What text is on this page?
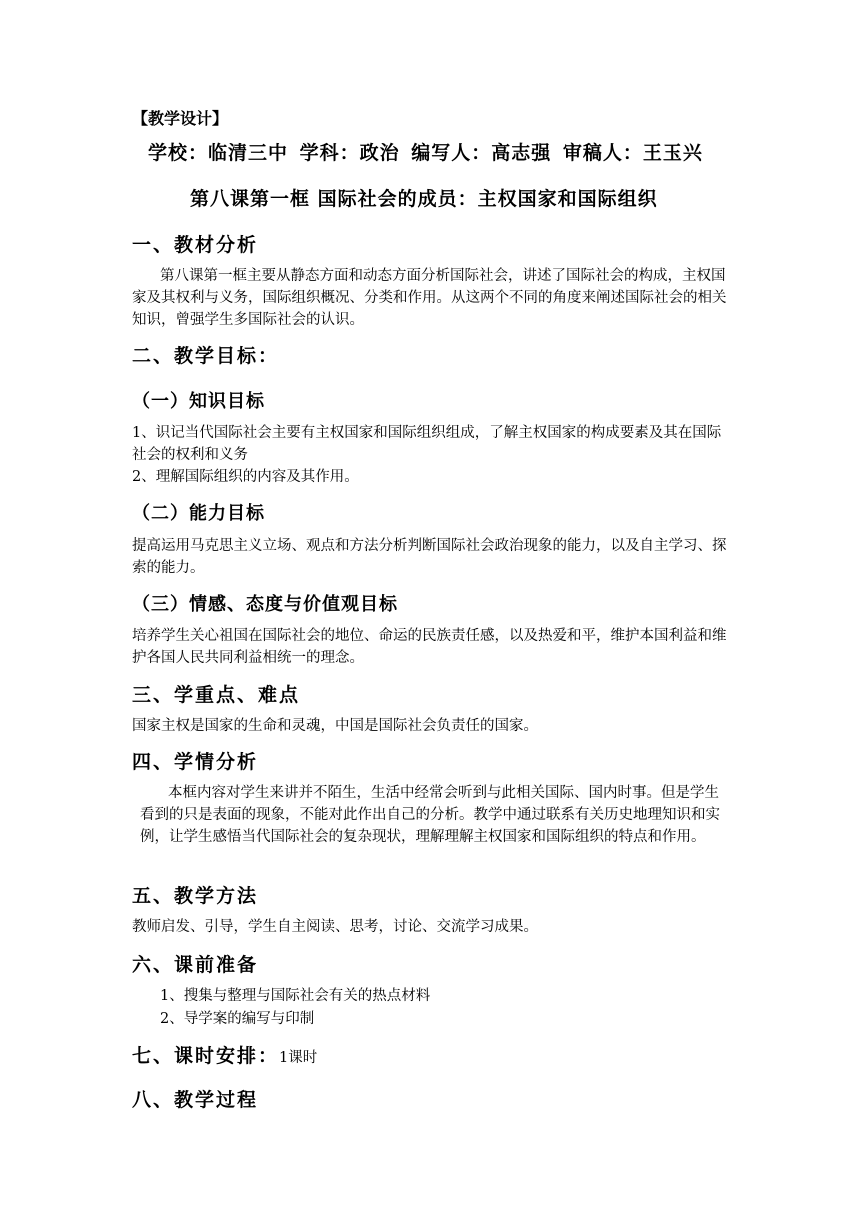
【教学设计】
学校：临清三中 学科：政治 编写人：高志强 审稿人：王玉兴
第八课第一框 国际社会的成员：主权国家和国际组织
一、教材分析
第八课第一框主要从静态方面和动态方面分析国际社会，讲述了国际社会的构成，主权国家及其权利与义务，国际组织概况、分类和作用。从这两个不同的角度来阐述国际社会的相关知识，曾强学生多国际社会的认识。
二、教学目标：
（一）知识目标
1、识记当代国际社会主要有主权国家和国际组织组成，了解主权国家的构成要素及其在国际社会的权利和义务
2、理解国际组织的内容及其作用。
（二）能力目标
提高运用马克思主义立场、观点和方法分析判断国际社会政治现象的能力，以及自主学习、探索的能力。
（三）情感、态度与价值观目标
培养学生关心祖国在国际社会的地位、命运的民族责任感，以及热爱和平，维护本国利益和维护各国人民共同利益相统一的理念。
三、学重点、难点
国家主权是国家的生命和灵魂，中国是国际社会负责任的国家。
四、学情分析
本框内容对学生来讲并不陌生，生活中经常会听到与此相关国际、国内时事。但是学生看到的只是表面的现象，不能对此作出自己的分析。教学中通过联系有关历史地理知识和实例，让学生感悟当代国际社会的复杂现状，理解理解主权国家和国际组织的特点和作用。
五、教学方法
教师启发、引导，学生自主阅读、思考，讨论、交流学习成果。
六、课前准备
1、搜集与整理与国际社会有关的热点材料
2、导学案的编写与印制
七、课时安排：1课时
八、教学过程
